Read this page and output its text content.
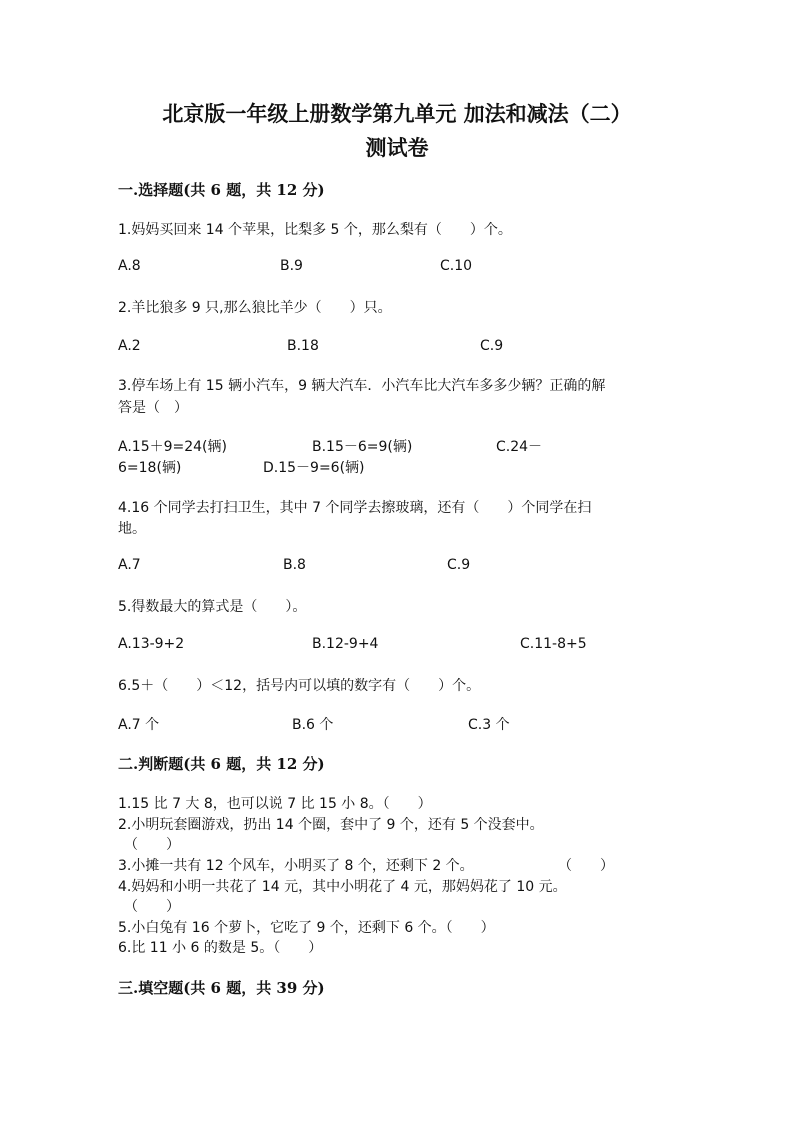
北京版一年级上册数学第九单元 加法和减法（二）
测试卷
一.选择题(共 6 题，共 12 分)
1.妈妈买回来 14 个苹果，比梨多 5 个，那么梨有（　　）个。
A.8	B.9	C.10
2.羊比狼多 9 只,那么狼比羊少（　　）只。
A.2	B.18	C.9
3.停车场上有 15 辆小汽车，9 辆大汽车．小汽车比大汽车多多少辆？正确的解
答是（　）
A.15＋9=24(辆)	B.15－6=9(辆)	C.24－
6=18(辆)	D.15－9=6(辆)
4.16 个同学去打扫卫生，其中 7 个同学去擦玻璃，还有（　　）个同学在扫
地。
A.7	B.8	C.9
5.得数最大的算式是（　　）。
A.13-9+2	B.12-9+4	C.11-8+5
6.5＋（　　）＜12，括号内可以填的数字有（　　）个。
A.7 个	B.6 个	C.3 个
二.判断题(共 6 题，共 12 分)
1.15 比 7 大 8，也可以说 7 比 15 小 8。（　　）
2.小明玩套圈游戏，扔出 14 个圈，套中了 9 个，还有 5 个没套中。
（　　）
3.小摊一共有 12 个风车，小明买了 8 个，还剩下 2 个。	（　　）
4.妈妈和小明一共花了 14 元，其中小明花了 4 元，那妈妈花了 10 元。
（　　）
5.小白兔有 16 个萝卜，它吃了 9 个，还剩下 6 个。（　　）
6.比 11 小 6 的数是 5。（　　）
三.填空题(共 6 题，共 39 分)
